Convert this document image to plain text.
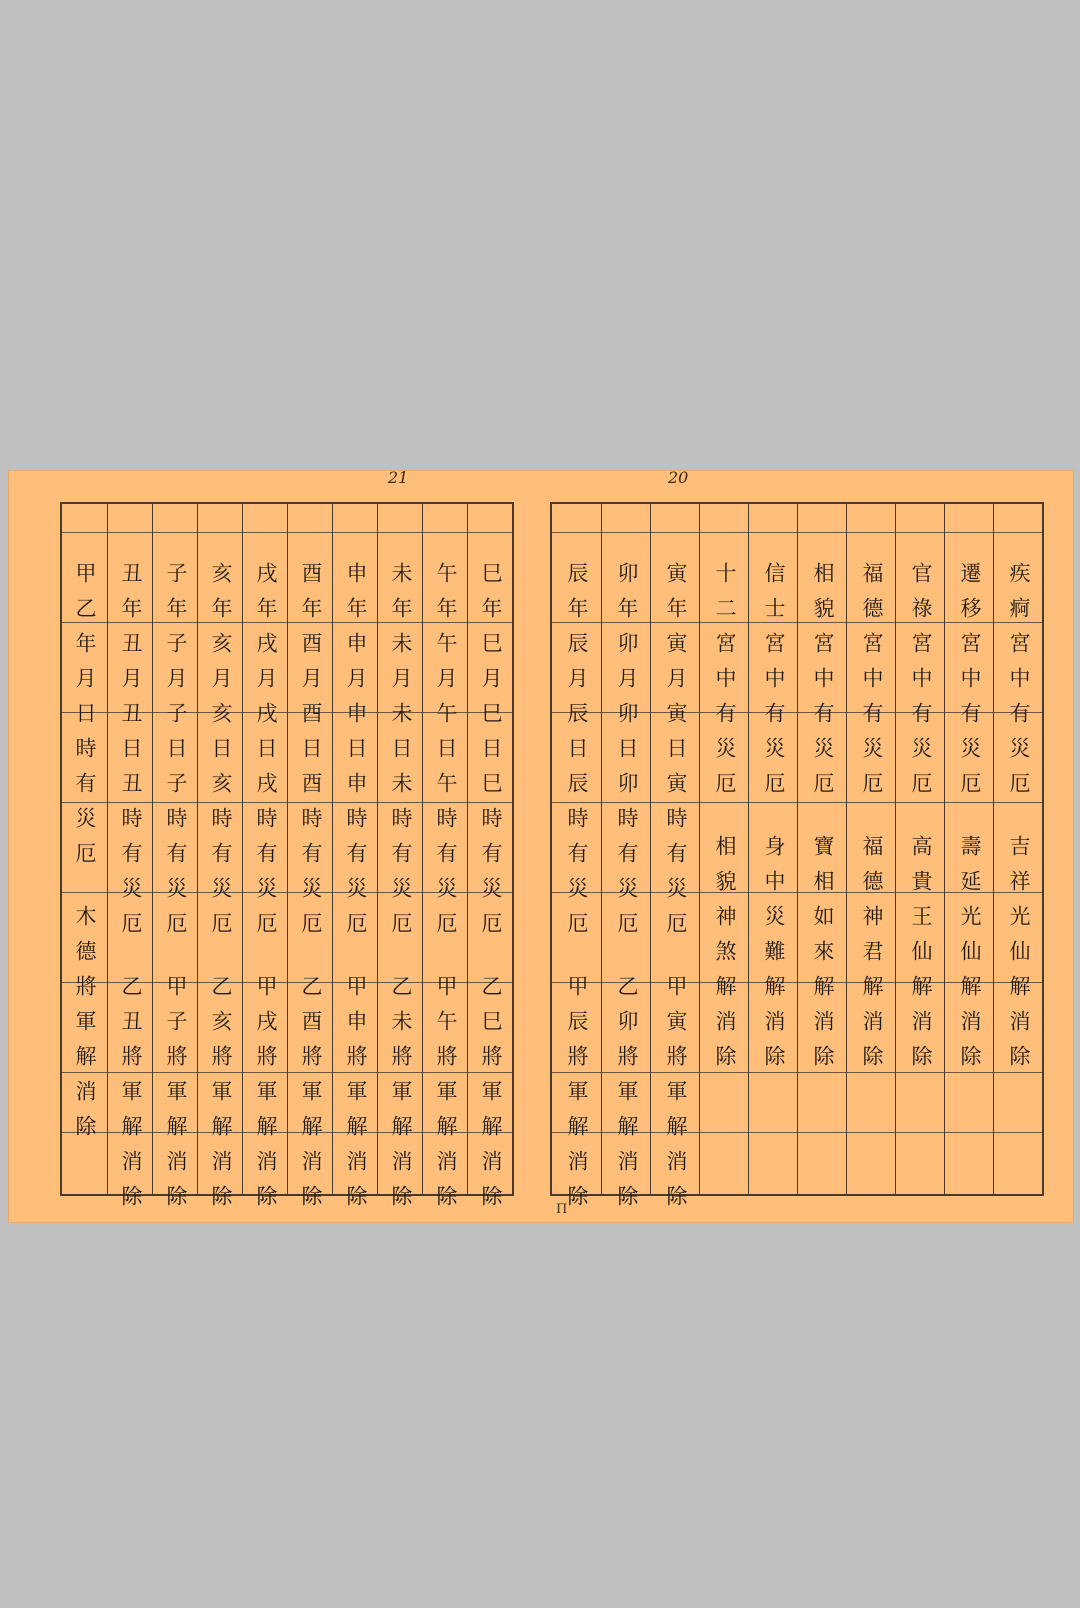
21	20
П
巳年巳月巳日巳時有災厄
乙巳將軍解消除
午年午月午日午時有災厄
甲午將軍解消除
未年未月未日未時有災厄
乙未將軍解消除
申年申月申日申時有災厄
甲申將軍解消除
酉年酉月酉日酉時有災厄
乙酉將軍解消除
戌年戌月戌日戌時有災厄
甲戌將軍解消除
亥年亥月亥日亥時有災厄
乙亥將軍解消除
子年子月子日子時有災厄
甲子將軍解消除
丑年丑月丑日丑時有災厄
乙丑將軍解消除
甲乙年月日時有災厄
木德將軍解消除
疾痾宮中有災厄
吉祥光仙解消除
遷移宮中有災厄
壽延光仙解消除
官祿宮中有災厄
高貴王仙解消除
福德宮中有災厄
福德神君解消除
相貌宮中有災厄
寶相如來解消除
信士宮中有災厄
身中災難解消除
十二宮中有災厄
相貌神煞解消除
寅年寅月寅日寅時有災厄
甲寅將軍解消除
卯年卯月卯日卯時有災厄
乙卯將軍解消除
辰年辰月辰日辰時有災厄
甲辰將軍解消除
